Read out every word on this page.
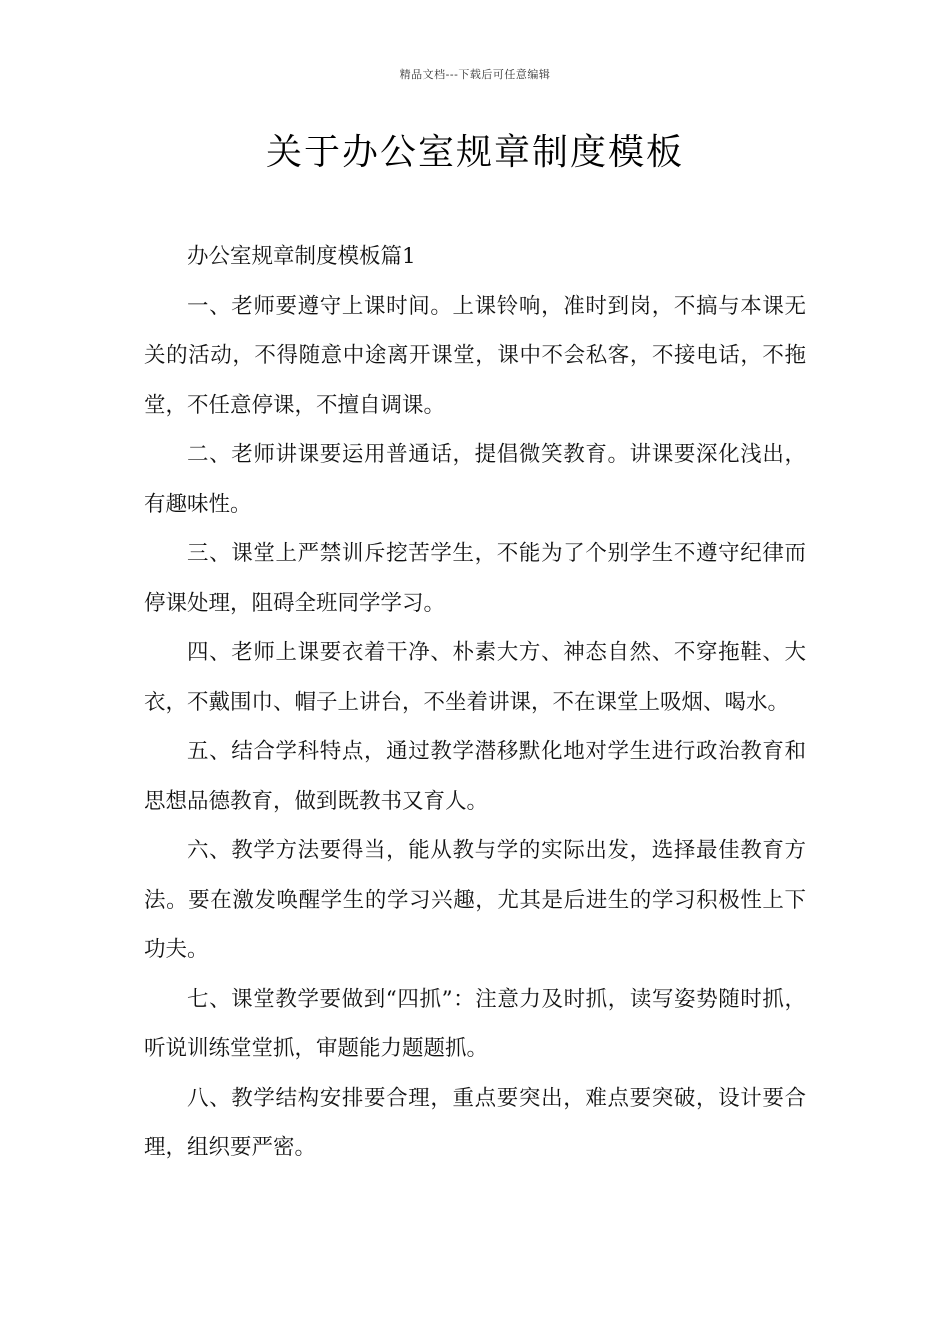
精品文档---下载后可任意编辑
关于办公室规章制度模板

办公室规章制度模板篇1

一、老师要遵守上课时间。上课铃响，准时到岗，不搞与本课无关的活动，不得随意中途离开课堂，课中不会私客，不接电话，不拖堂，不任意停课，不擅自调课。

二、老师讲课要运用普通话，提倡微笑教育。讲课要深化浅出，有趣味性。

三、课堂上严禁训斥挖苦学生，不能为了个别学生不遵守纪律而停课处理，阻碍全班同学学习。

四、老师上课要衣着干净、朴素大方、神态自然、不穿拖鞋、大衣，不戴围巾、帽子上讲台，不坐着讲课，不在课堂上吸烟、喝水。

五、结合学科特点，通过教学潜移默化地对学生进行政治教育和思想品德教育，做到既教书又育人。

六、教学方法要得当，能从教与学的实际出发，选择最佳教育方法。要在激发唤醒学生的学习兴趣，尤其是后进生的学习积极性上下功夫。

七、课堂教学要做到“四抓”：注意力及时抓，读写姿势随时抓，听说训练堂堂抓，审题能力题题抓。

八、教学结构安排要合理，重点要突出，难点要突破，设计要合理，组织要严密。
